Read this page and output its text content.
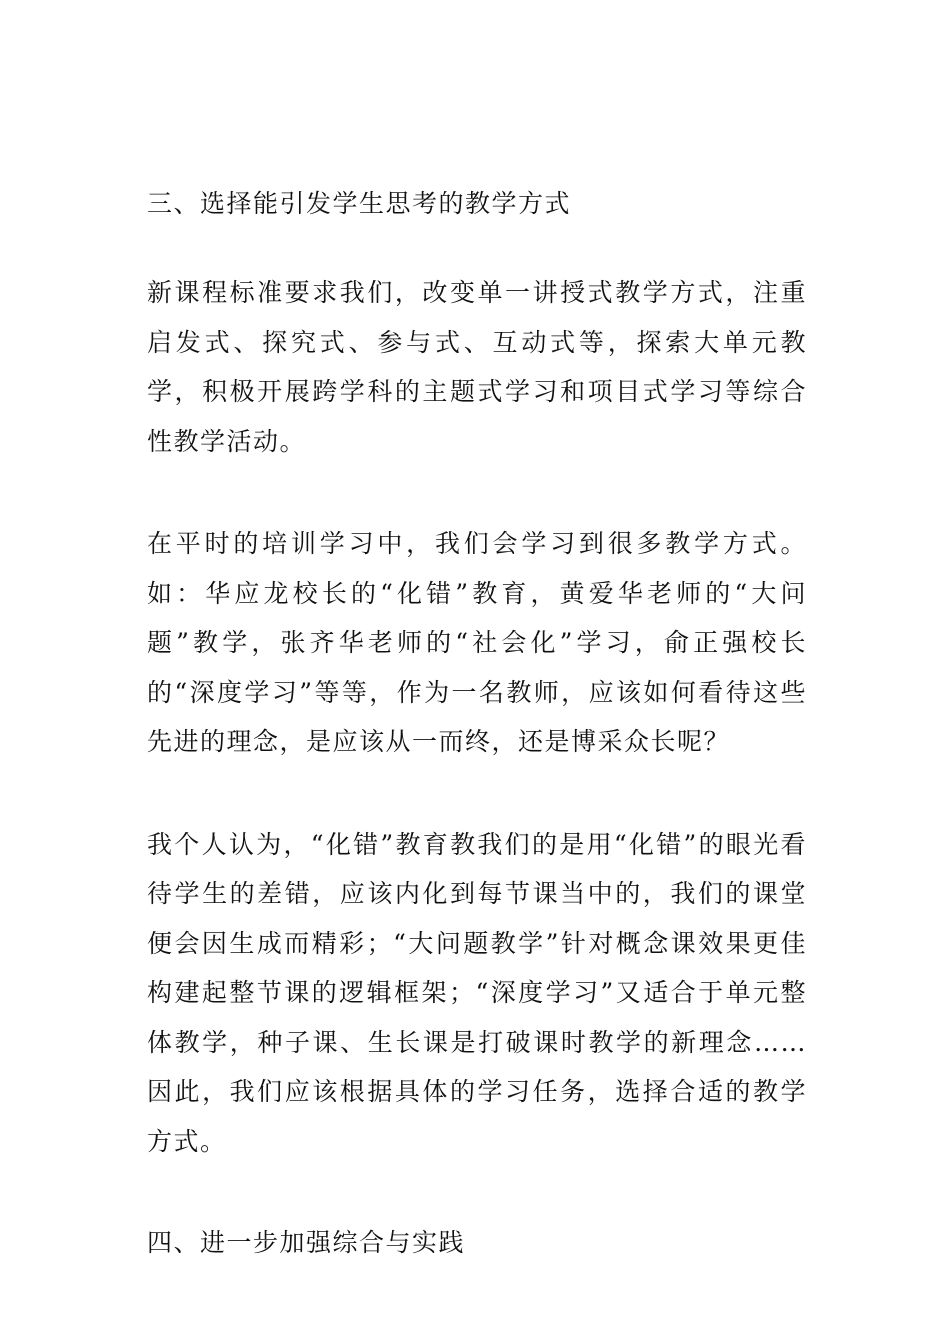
三、选择能引发学生思考的教学方式

新课程标准要求我们，改变单一讲授式教学方式，注重启发式、探究式、参与式、互动式等，探索大单元教学，积极开展跨学科的主题式学习和项目式学习等综合性教学活动。

在平时的培训学习中，我们会学习到很多教学方式。如：华应龙校长的“化错”教育，黄爱华老师的“大问题”教学，张齐华老师的“社会化”学习，俞正强校长的“深度学习”等等，作为一名教师，应该如何看待这些先进的理念，是应该从一而终，还是博采众长呢？

我个人认为，“化错”教育教我们的是用“化错”的眼光看待学生的差错，应该内化到每节课当中的，我们的课堂便会因生成而精彩；“大问题教学”针对概念课效果更佳构建起整节课的逻辑框架；“深度学习”又适合于单元整体教学，种子课、生长课是打破课时教学的新理念……因此，我们应该根据具体的学习任务，选择合适的教学方式。

四、进一步加强综合与实践
